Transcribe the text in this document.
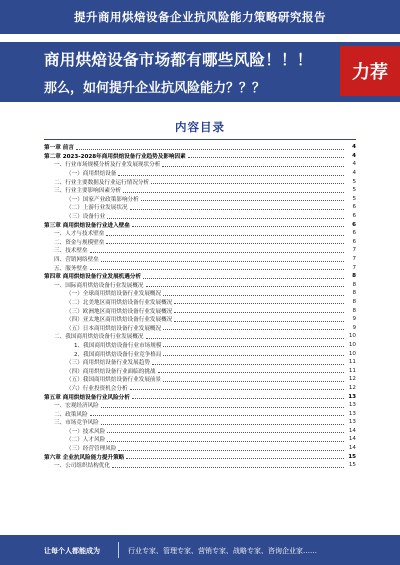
提升商用烘焙设备企业抗风险能力策略研究报告
商用烘焙设备市场都有哪些风险！！！
那么，如何提升企业抗风险能力？？？
力荐
内容目录
第一章 前言	4
第二章 2023-2028年商用烘焙设备行业趋势及影响因素	4
一、行业市场规模分析及行业发展现状分析	4
（一）商用烘焙设备	4
二、行业主要数据及行业运行情况分析	5
三、行业主要影响因素分析	5
（一）国家产业政策影响分析	5
（二）上游行业发展状况	6
（三）设备行业	6
第三章 商用烘焙设备行业进入壁垒	6
一、人才与技术壁垒	6
二、资金与规模壁垒	6
三、技术壁垒	7
四、营销网络壁垒	7
五、服务壁垒	7
第四章 商用烘焙设备行业发展机遇分析	8
一、国际商用烘焙设备行业发展概况	8
（一）全球商用烘焙设备行业发展概况	8
（二）北美地区商用烘焙设备行业发展概况	8
（三）欧洲地区商用烘焙设备行业发展概况	8
（四）亚太地区商用烘焙设备行业发展概况	9
（五）日本商用烘焙设备行业发展概况	9
二、我国商用烘焙设备行业发展概况	10
1、我国商用烘焙设备行业市场规模	10
2、我国商用烘焙设备行业竞争格局	10
（三）商用烘焙设备行业发展趋势	11
（四）商用烘焙设备行业面临的挑战	11
（五）我国商用烘焙设备行业发展前景	12
（六）行业投资机会分析	12
第五章 商用烘焙设备行业风险分析	13
一、宏观经济风险	13
二、政策风险	13
三、市场竞争风险	13
（一）技术风险	14
（二）人才风险	14
（三）经营管理风险	14
第六章 企业抗风险能力提升策略	15
一、公司组织结构优化	15
让每个人都能成为	行业专家、管理专家、营销专家、战略专家、咨询企业家……
